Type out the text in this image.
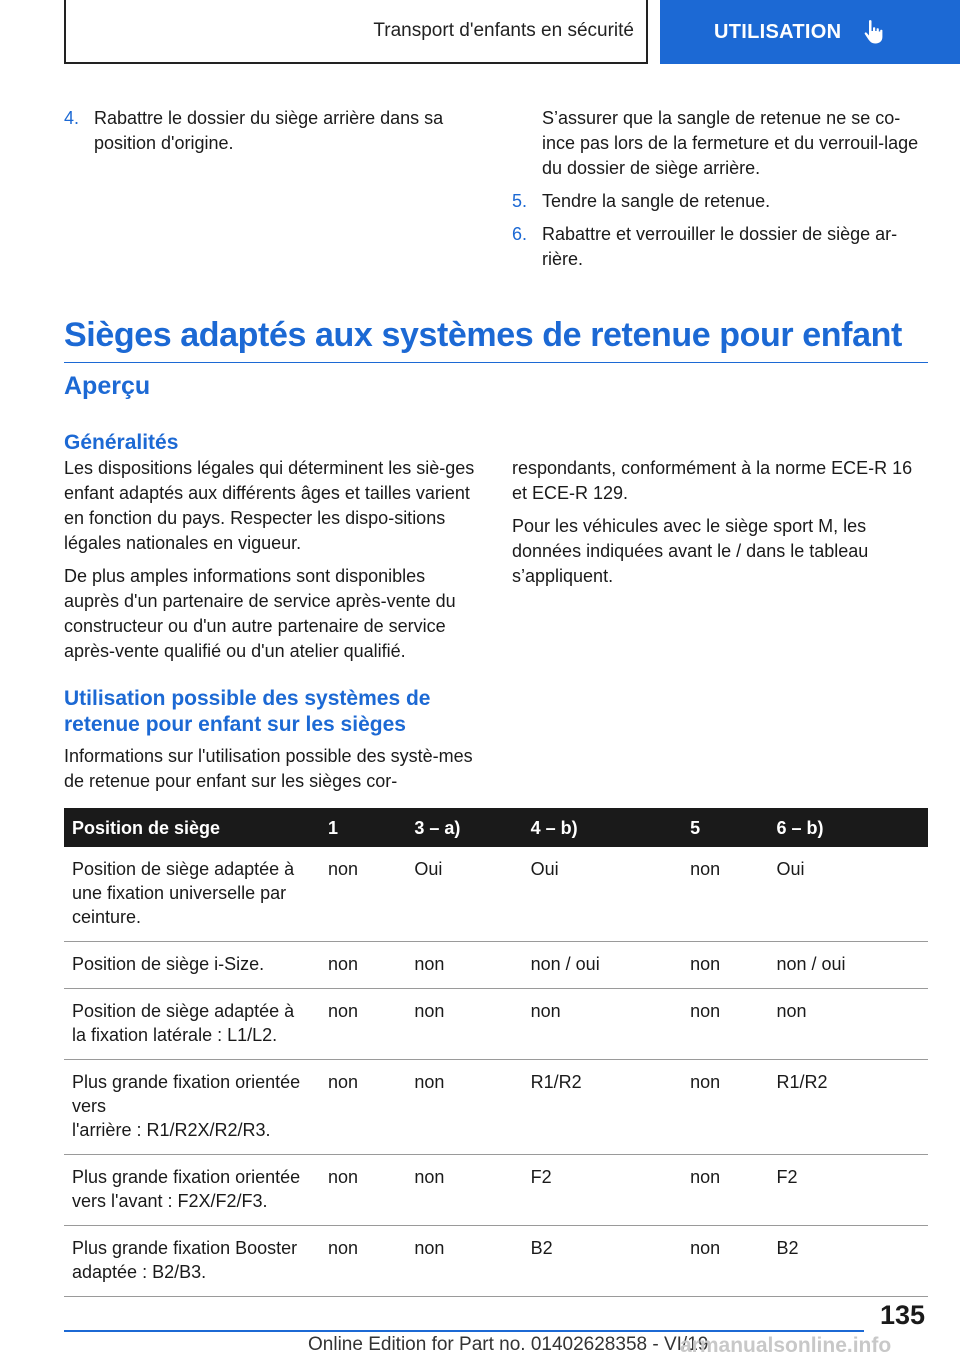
Transport d'enfants en sécurité	UTILISATION
4. Rabattre le dossier du siège arrière dans sa position d'origine.
S’assurer que la sangle de retenue ne se co-ince pas lors de la fermeture et du verrouil-lage du dossier de siège arrière.
5. Tendre la sangle de retenue.
6. Rabattre et verrouiller le dossier de siège ar-rière.
Sièges adaptés aux systèmes de retenue pour enfant
Aperçu
Généralités

Les dispositions légales qui déterminent les siè-ges enfant adaptés aux différents âges et tailles varient en fonction du pays. Respecter les dispo-sitions légales nationales en vigueur.

De plus amples informations sont disponibles auprès d'un partenaire de service après-vente du constructeur ou d'un autre partenaire de service après-vente qualifié ou d'un atelier qualifié.

Utilisation possible des systèmes de retenue pour enfant sur les sièges

Informations sur l'utilisation possible des systè-mes de retenue pour enfant sur les sièges cor-

respondants, conformément à la norme ECE-R 16 et ECE-R 129.

Pour les véhicules avec le siège sport M, les données indiquées avant le / dans le tableau s’appliquent.

Position de siège	1	3 – a)	4 – b)	5	6 – b)
Position de siège adaptée à une fixation universelle par ceinture.	non	Oui	Oui	non	Oui
Position de siège i-Size.	non	non	non / oui	non	non / oui
Position de siège adaptée à la fixation latérale : L1/L2.	non	non	non	non	non
Plus grande fixation orientée vers
l'arrière : R1/R2X/R2/R3.	non	non	R1/R2	non	R1/R2
Plus grande fixation orientée vers l'avant : F2X/F2/F3.	non	non	F2	non	F2
Plus grande fixation Booster adaptée : B2/B3.	non	non	B2	non	B2
135
Online Edition for Part no. 01402628358 - VI/19
armanualsonline.info
